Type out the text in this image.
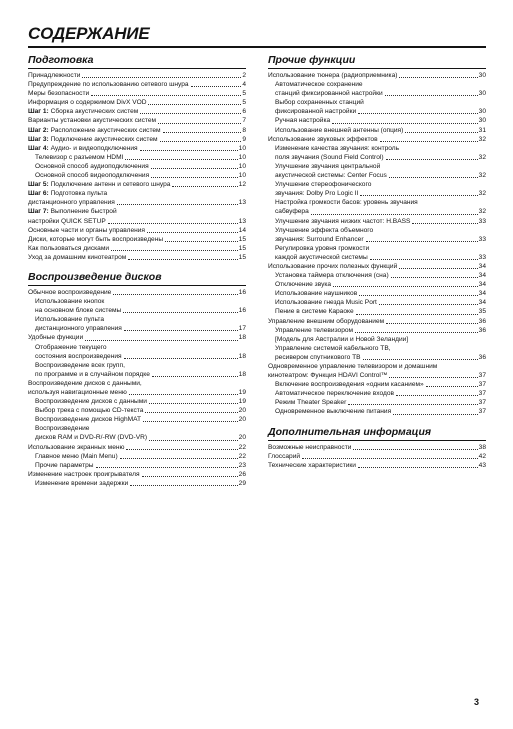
СОДЕРЖАНИЕ
Подготовка
Принадлежности	2
Предупреждение по использованию сетевого шнура	4
Меры безопасности	5
Информация о содержимом DivX VOD	5
Шаг 1: Сборка акустических систем	6
Варианты установки акустических систем	7
Шаг 2: Расположение акустических систем	8
Шаг 3: Подключение акустических систем	9
Шаг 4: Аудио- и видеоподключения	10
Телевизор с разъемом HDMI	10
Основной способ аудиоподключения	10
Основной способ видеоподключения	10
Шаг 5: Подключение антенн и сетевого шнура	12
Шаг 6: Подготовка пульта
дистанционного управления	13
Шаг 7: Выполнение быстрой
настройки QUICK SETUP	13
Основные части и органы управления	14
Диски, которые могут быть воспроизведены	15
Как пользоваться дисками	15
Уход за домашним кинотеатром	15
Воспроизведение дисков
Обычное воспроизведение	16
Использование кнопок
на основном блоке системы	16
Использование пульта
дистанционного управления	17
Удобные функции	18
Отображение текущего
состояния воспроизведения	18
Воспроизведение всех групп,
по программе и в случайном порядке	18
Воспроизведение дисков с данными,
используя навигационные меню	19
Воспроизведение дисков с данными	19
Выбор трека с помощью CD-текста	20
Воспроизведение дисков HighMAT	20
Воспроизведение
дисков RAM и DVD-R/-RW (DVD-VR)	20
Использование экранных меню	22
Главное меню (Main Menu)	22
Прочие параметры	23
Изменение настроек проигрывателя	26
Изменение времени задержки	29
Прочие функции
Использование тюнера (радиоприемника)	30
Автоматическое сохранение
станций фиксированной настройки	30
Выбор сохраненных станций
фиксированной настройки	30
Ручная настройка	30
Использование внешней антенны (опция)	31
Использование звуковых эффектов	32
Изменение качества звучания: контроль
поля звучания (Sound Field Control)	32
Улучшение звучания центральной
акустической системы: Center Focus	32
Улучшение стереофонического
звучания: Dolby Pro Logic II	32
Настройка громкости басов: уровень звучания
сабвуфера	32
Улучшение звучания низких частот: H.BASS	33
Улучшение эффекта объемного
звучания: Surround Enhancer	33
Регулировка уровня громкости
каждой акустической системы	33
Использование прочих полезных функций	34
Установка таймера отключения (сна)	34
Отключение звука	34
Использование наушников	34
Использование гнезда Music Port	34
Пение в системе Караоке	35
Управление внешним оборудованием	36
Управление телевизором	36
[Модель для Австралии и Новой Зеландии]
Управление системой кабельного ТВ,
ресивером спутникового ТВ	36
Одновременное управление телевизором и домашним
кинотеатром: Функция HDAVI Control™	37
Включение воспроизведения «одним касанием»	37
Автоматическое переключение входов	37
Режим Theater Speaker	37
Одновременное выключение питания	37
Дополнительная информация
Возможные неисправности	38
Глоссарий	42
Технические характеристики	43
3
